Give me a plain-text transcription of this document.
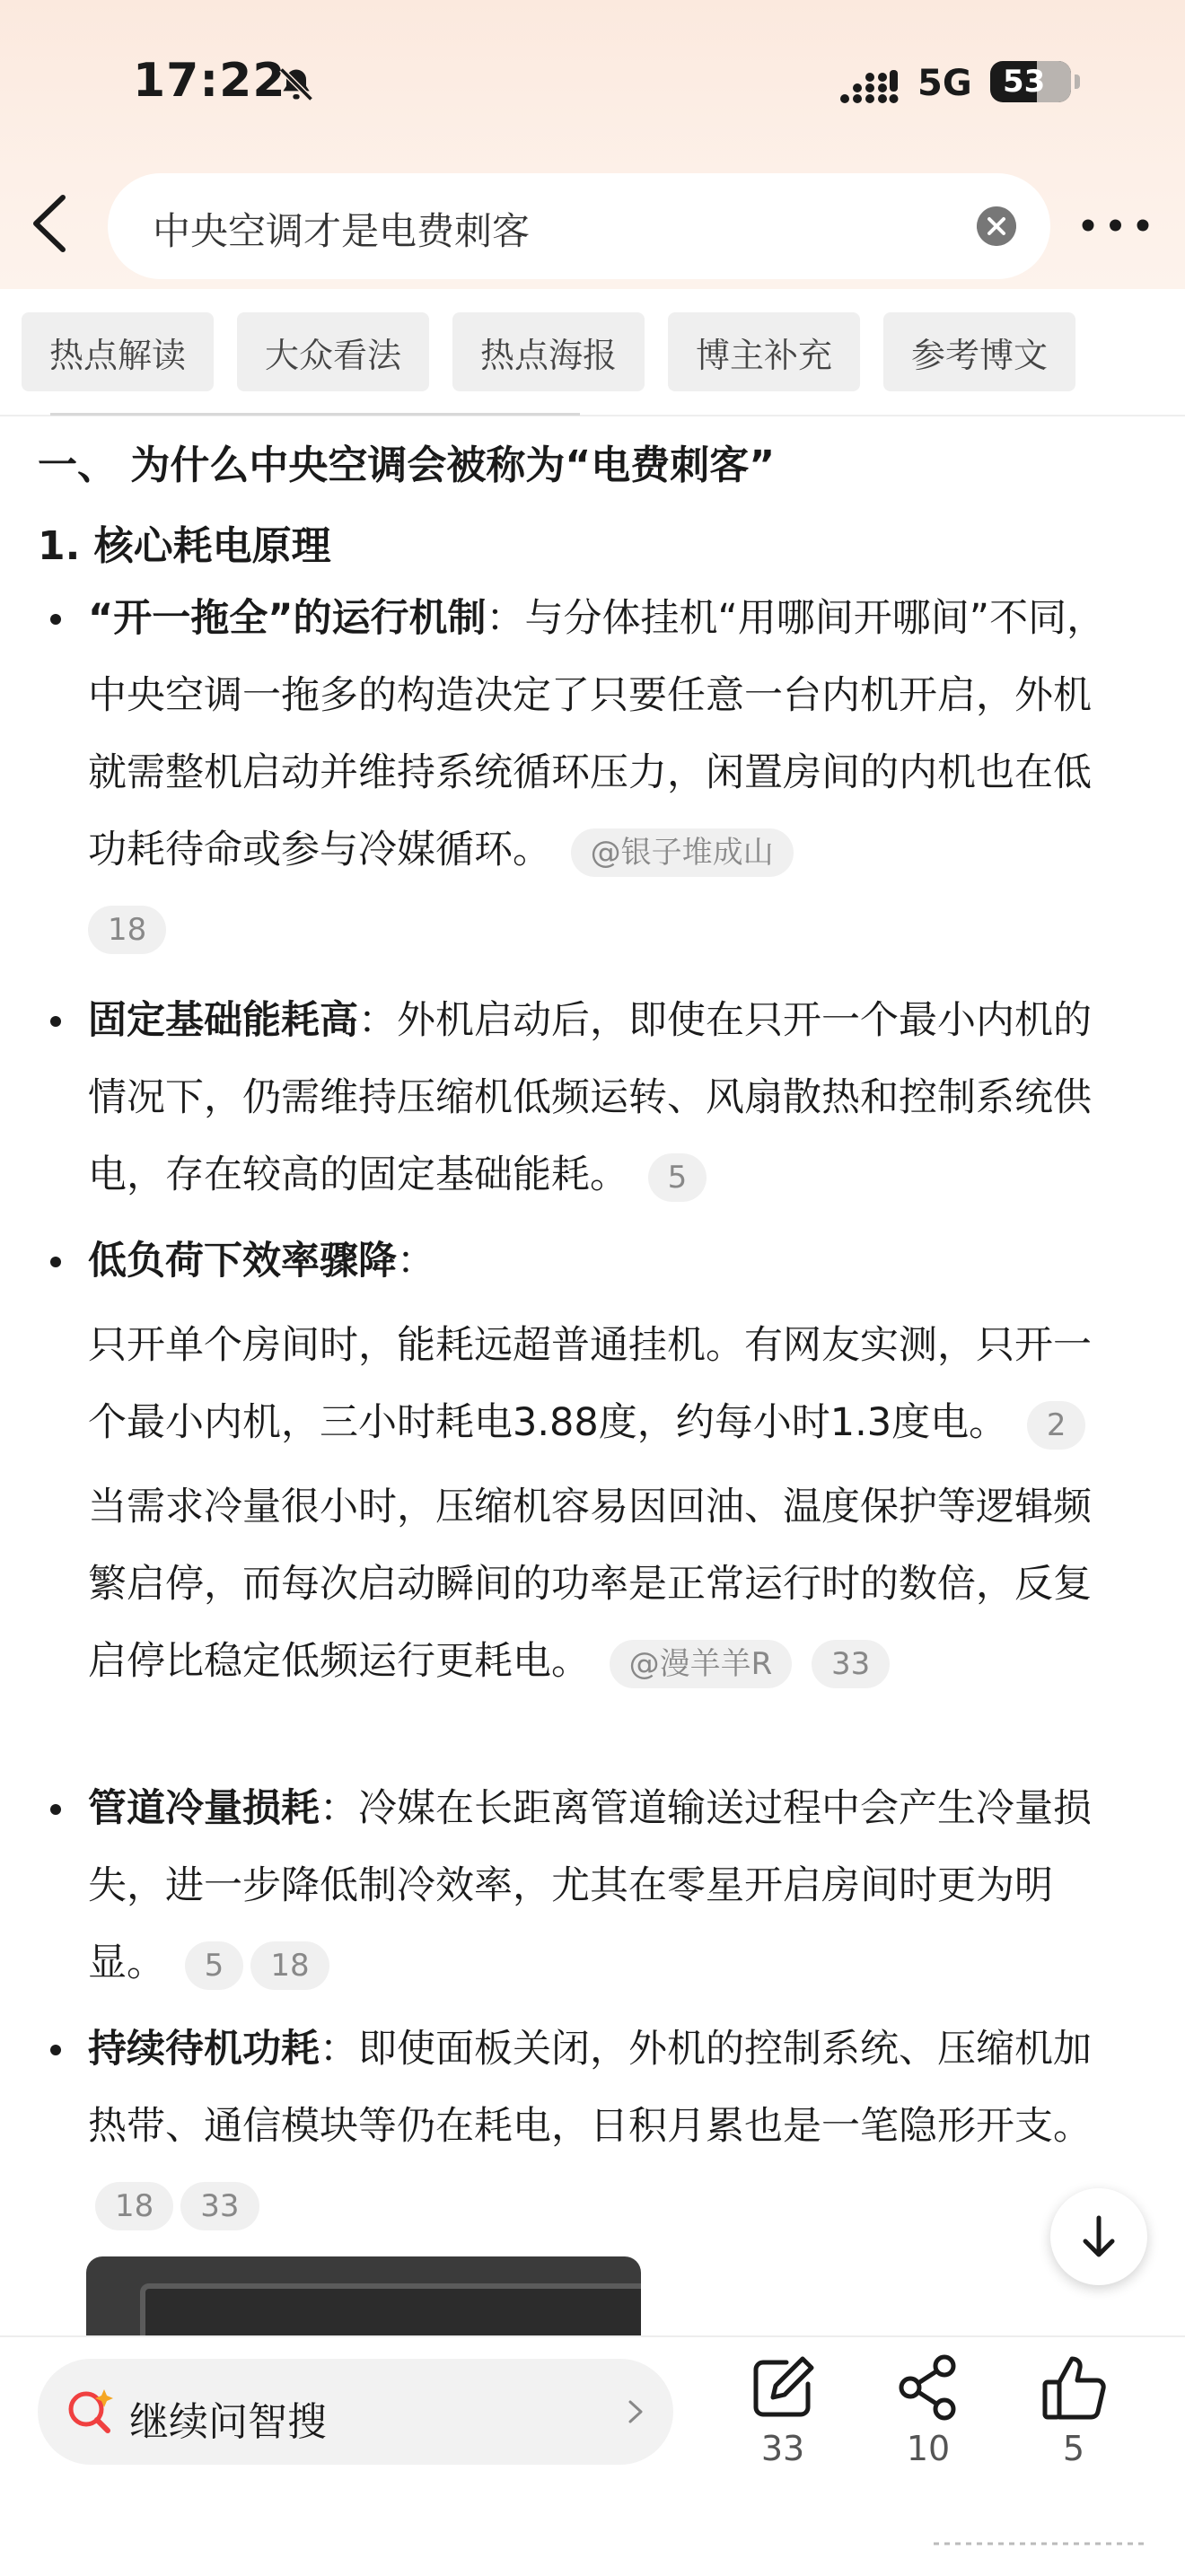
17:22	5G 53
中央空调才是电费刺客
热点解读	大众看法	热点海报	博主补充	参考博文
一、 为什么中央空调会被称为“电费刺客”
1. 核心耗电原理
“开一拖全”的运行机制：与分体挂机“用哪间开哪间”不同，中央空调一拖多的构造决定了只要任意一台内机开启，外机就需整机启动并维持系统循环压力，闲置房间的内机也在低功耗待命或参与冷媒循环。 @银子堆成山
18
固定基础能耗高：外机启动后，即使在只开一个最小内机的情况下，仍需维持压缩机低频运转、风扇散热和控制系统供电，存在较高的固定基础能耗。 5
低负荷下效率骤降：
只开单个房间时，能耗远超普通挂机。有网友实测，只开一个最小内机，三小时耗电3.88度，约每小时1.3度电。 2
当需求冷量很小时，压缩机容易因回油、温度保护等逻辑频繁启停，而每次启动瞬间的功率是正常运行时的数倍，反复启停比稳定低频运行更耗电。 @漫羊羊R 33
管道冷量损耗：冷媒在长距离管道输送过程中会产生冷量损失，进一步降低制冷效率，尤其在零星开启房间时更为明显。 5 18
持续待机功耗：即使面板关闭，外机的控制系统、压缩机加热带、通信模块等仍在耗电，日积月累也是一笔隐形开支。 18 33
继续问智搜
33	10	5
